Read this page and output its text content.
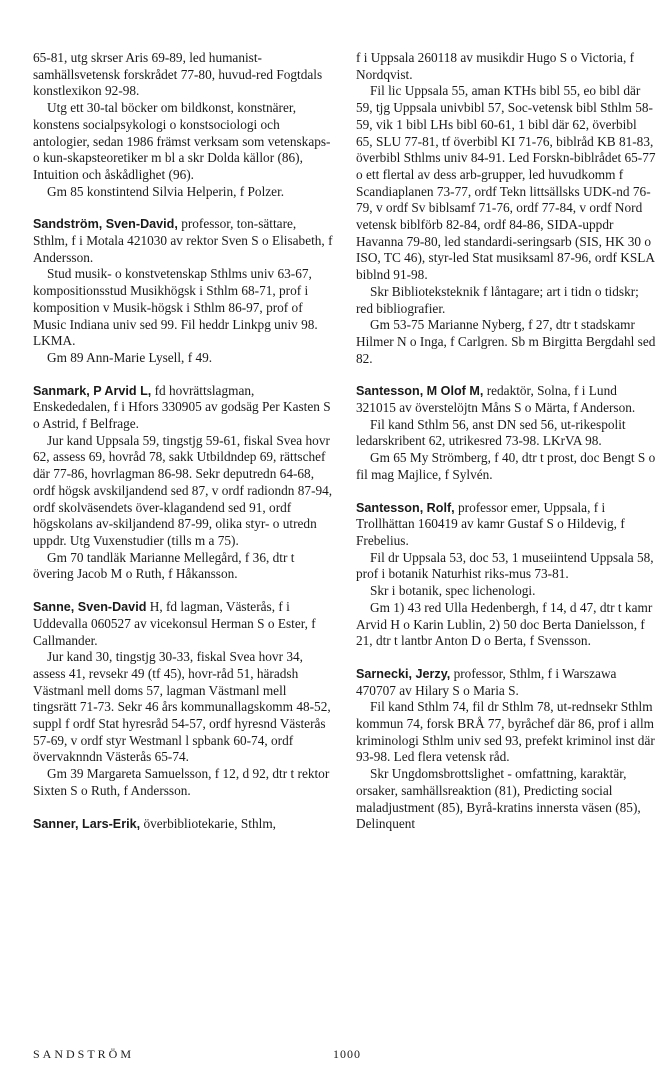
65-81, utg skrser Aris 69-89, led humanist-samhällsvetensk forskrådet 77-80, huvud-red Fogtdals konstlexikon 92-98.

Utg ett 30-tal böcker om bildkonst, konstnärer, konstens socialpsykologi o konstsociologi och antologier, sedan 1986 främst verksam som vetenskaps- o kun-skapsteoretiker m bl a skr Dolda källor (86), Intuition och åskådlighet (96).

Gm 85 konstintend Silvia Helperin, f Polzer.

Sandström, Sven-David, professor, ton-sättare, Sthlm, f i Motala 421030 av rektor Sven S o Elisabeth, f Andersson.

Stud musik- o konstvetenskap Sthlms univ 63-67, kompositionsstud Musikhögsk i Sthlm 68-71, prof i komposition v Musik-högsk i Sthlm 86-97, prof of Music Indiana univ sed 99. Fil heddr Linkpg univ 98. LKMA.

Gm 89 Ann-Marie Lysell, f 49.

Sanmark, P Arvid L, fd hovrättslagman, Enskededalen, f i Hfors 330905 av godsäg Per Kasten S o Astrid, f Belfrage.

Jur kand Uppsala 59, tingstjg 59-61, fiskal Svea hovr 62, assess 69, hovråd 78, sakk Utbildndep 69, rättschef där 77-86, hovrlagman 86-98. Sekr deputredn 64-68, ordf högsk avskiljandend sed 87, v ordf radiondn 87-94, ordf skolväsendets över-klagandend sed 91, ordf högskolans av-skiljandend 87-99, olika styr- o utredn uppdr. Utg Vuxenstudier (tills m a 75).

Gm 70 tandläk Marianne Mellegård, f 36, dtr t övering Jacob M o Ruth, f Håkansson.

Sanne, Sven-David H, fd lagman, Västerås, f i Uddevalla 060527 av vicekonsul Herman S o Ester, f Callmander.

Jur kand 30, tingstjg 30-33, fiskal Svea hovr 34, assess 41, revsekr 49 (tf 45), hovr-råd 51, häradsh Västmanl mell doms 57, lagman Västmanl mell tingsrätt 71-73. Sekr 46 års kommunallagskomm 48-52, suppl f ordf Stat hyresråd 54-57, ordf hyresnd Västerås 57-69, v ordf styr Westmanl l spbank 60-74, ordf övervaknndn Västerås 65-74.

Gm 39 Margareta Samuelsson, f 12, d 92, dtr t rektor Sixten S o Ruth, f Andersson.

Sanner, Lars-Erik, överbibliotekarie, Sthlm,

f i Uppsala 260118 av musikdir Hugo S o Victoria, f Nordqvist.

Fil lic Uppsala 55, aman KTHs bibl 55, eo bibl där 59, tjg Uppsala univbibl 57, Soc-vetensk bibl Sthlm 58-59, vik 1 bibl LHs bibl 60-61, 1 bibl där 62, överbibl 65, SLU 77-81, tf överbibl KI 71-76, biblråd KB 81-83, överbibl Sthlms univ 84-91. Led Forskn-biblrådet 65-77 o ett flertal av dess arb-grupper, led huvudkomm f Scandiaplanen 73-77, ordf Tekn littsällsks UDK-nd 76-79, v ordf Sv biblsamf 71-76, ordf 77-84, v ordf Nord vetensk biblförb 82-84, ordf 84-86, SIDA-uppdr Havanna 79-80, led standardi-seringsarb (SIS, HK 30 o ISO, TC 46), styr-led Stat musiksaml 87-96, ordf KSLA biblnd 91-98.

Skr Biblioteksteknik f låntagare; art i tidn o tidskr; red bibliografier.

Gm 53-75 Marianne Nyberg, f 27, dtr t stadskamr Hilmer N o Inga, f Carlgren. Sb m Birgitta Bergdahl sed 82.

Santesson, M Olof M, redaktör, Solna, f i Lund 321015 av överstelöjtn Måns S o Märta, f Anderson.

Fil kand Sthlm 56, anst DN sed 56, ut-rikespolit ledarskribent 62, utrikesred 73-98. LKrVA 98.

Gm 65 My Strömberg, f 40, dtr t prost, doc Bengt S o fil mag Majlice, f Sylvén.

Santesson, Rolf, professor emer, Uppsala, f i Trollhättan 160419 av kamr Gustaf S o Hildevig, f Frebelius.

Fil dr Uppsala 53, doc 53, 1 museiintend Uppsala 58, prof i botanik Naturhist riks-mus 73-81.

Skr i botanik, spec lichenologi.

Gm 1) 43 red Ulla Hedenbergh, f 14, d 47, dtr t kamr Arvid H o Karin Lublin, 2) 50 doc Berta Danielsson, f 21, dtr t lantbr Anton D o Berta, f Svensson.

Sarnecki, Jerzy, professor, Sthlm, f i Warszawa 470707 av Hilary S o Maria S.

Fil kand Sthlm 74, fil dr Sthlm 78, ut-rednsekr Sthlm kommun 74, forsk BRÅ 77, byråchef där 86, prof i allm kriminologi Sthlm univ sed 93, prefekt kriminol inst där 93-98. Led flera vetensk råd.

Skr Ungdomsbrottslighet - omfattning, karaktär, orsaker, samhällsreaktion (81), Predicting social maladjustment (85), Byrå-kratins innersta väsen (85), Delinquent

SANDSTRÖM	1000
